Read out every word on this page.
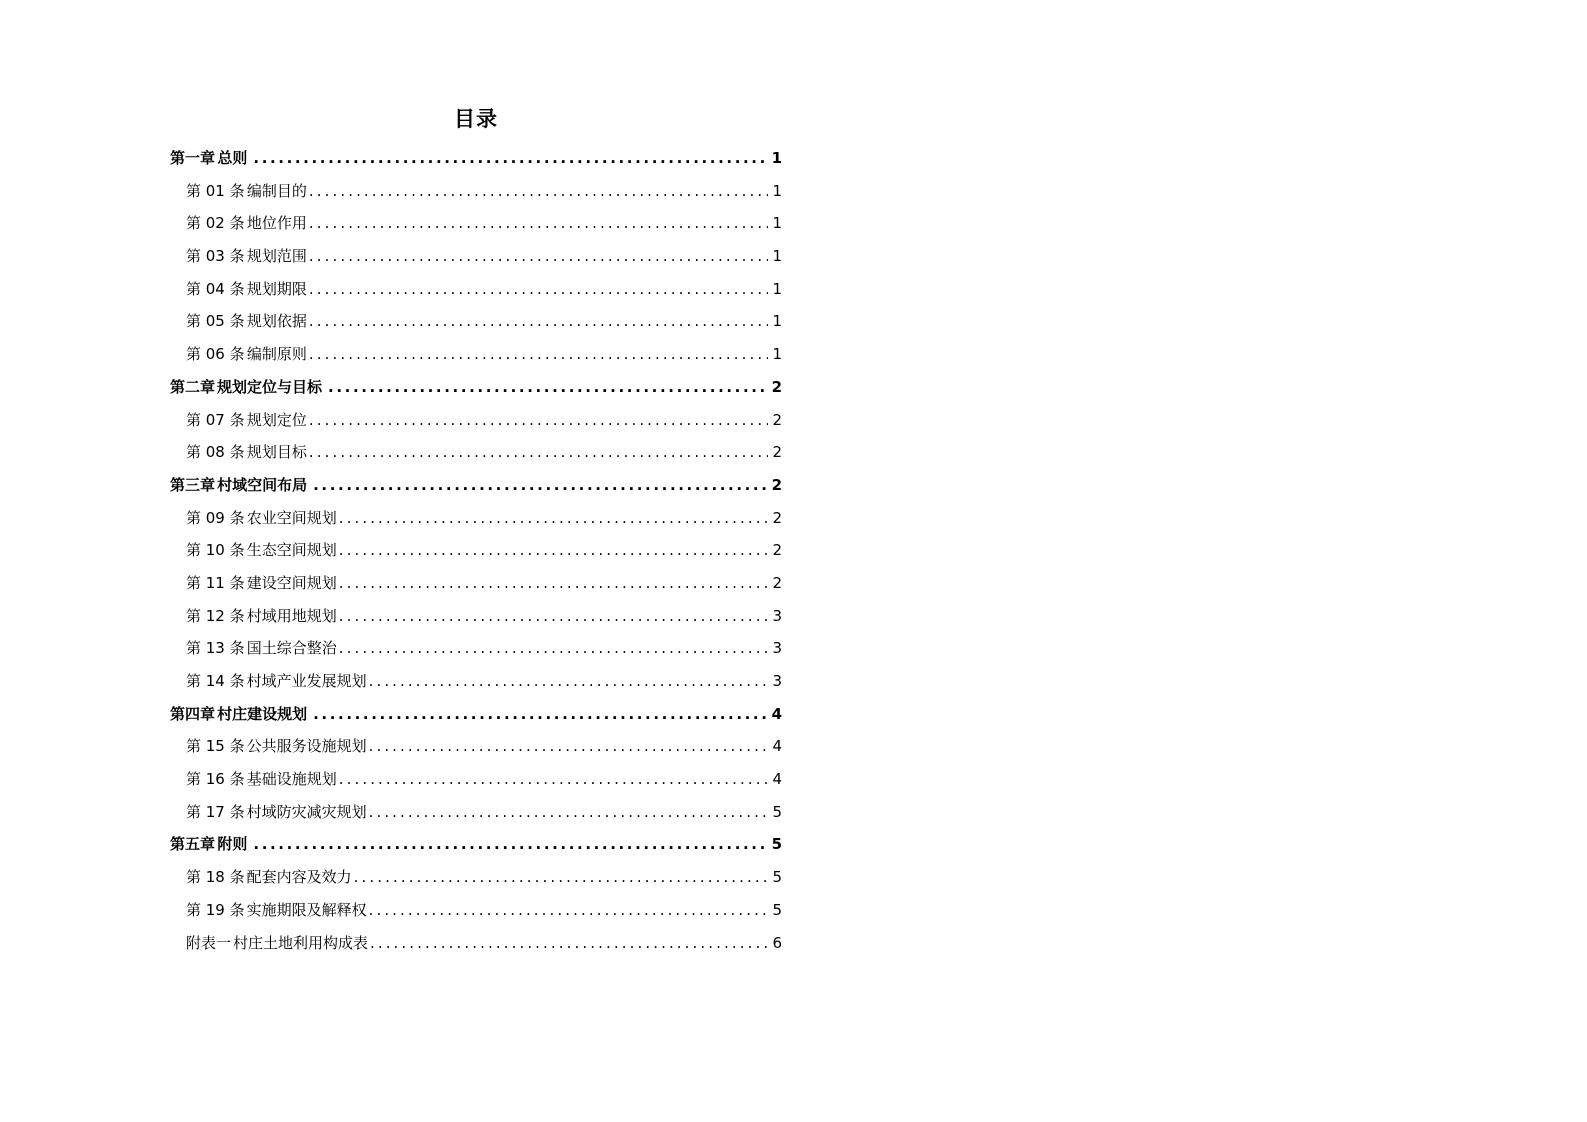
目录
第一章 总则 .....	1
第 01 条 编制目的 .....	1
第 02 条 地位作用 .....	1
第 03 条 规划范围 .....	1
第 04 条 规划期限 .....	1
第 05 条 规划依据 .....	1
第 06 条 编制原则 .....	1
第二章 规划定位与目标 .....	2
第 07 条 规划定位 .....	2
第 08 条 规划目标 .....	2
第三章 村域空间布局 .....	2
第 09 条 农业空间规划 .....	2
第 10 条 生态空间规划 .....	2
第 11 条 建设空间规划 .....	2
第 12 条 村域用地规划 .....	3
第 13 条 国土综合整治 .....	3
第 14 条 村域产业发展规划 .....	3
第四章 村庄建设规划 .....	4
第 15 条 公共服务设施规划 .....	4
第 16 条 基础设施规划 .....	4
第 17 条 村域防灾减灾规划 .....	5
第五章 附则 .....	5
第 18 条 配套内容及效力 .....	5
第 19 条 实施期限及解释权 .....	5
附表一 村庄土地利用构成表 .....	6
